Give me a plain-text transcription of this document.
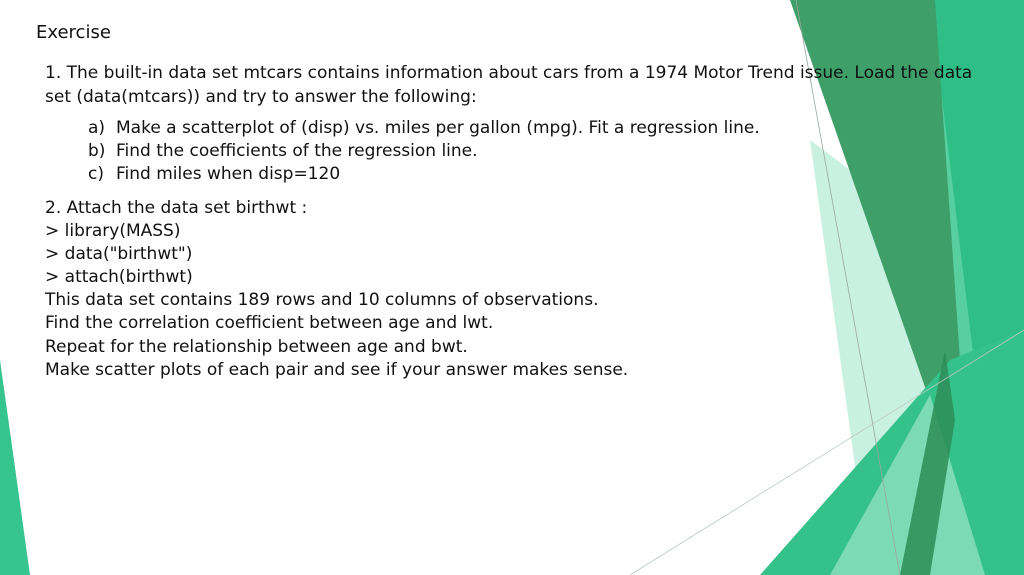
Exercise
1. The built-in data set mtcars contains information about cars from a 1974 Motor Trend issue. Load the data
set (data(mtcars)) and try to answer the following:
a) Make a scatterplot of (disp) vs. miles per gallon (mpg). Fit a regression line.
b) Find the coefficients of the regression line.
c) Find miles when disp=120
2. Attach the data set birthwt :
> library(MASS)
> data("birthwt")
> attach(birthwt)
This data set contains 189 rows and 10 columns of observations.
Find the correlation coefficient between age and lwt.
Repeat for the relationship between age and bwt.
Make scatter plots of each pair and see if your answer makes sense.
